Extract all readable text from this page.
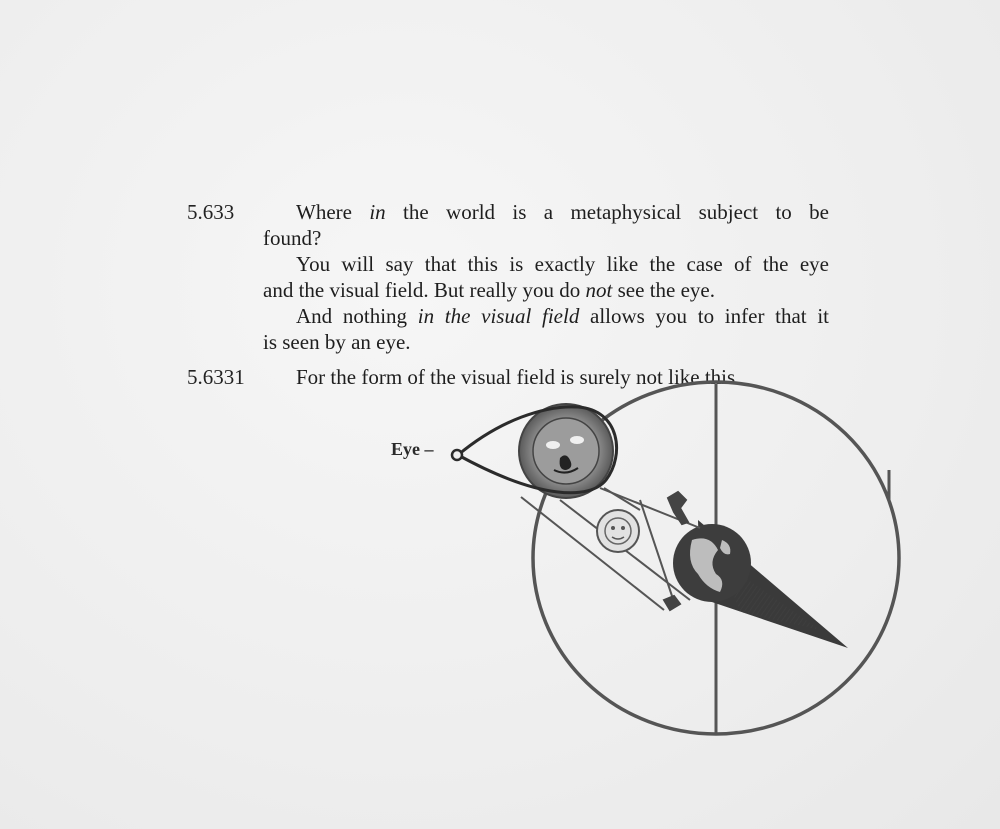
5.633	Where in the world is a metaphysical subject to be
found?
You will say that this is exactly like the case of the eye
and the visual field. But really you do not see the eye.
And nothing in the visual field allows you to infer that it
is seen by an eye.
5.6331	For the form of the visual field is surely not like this
Eye –
